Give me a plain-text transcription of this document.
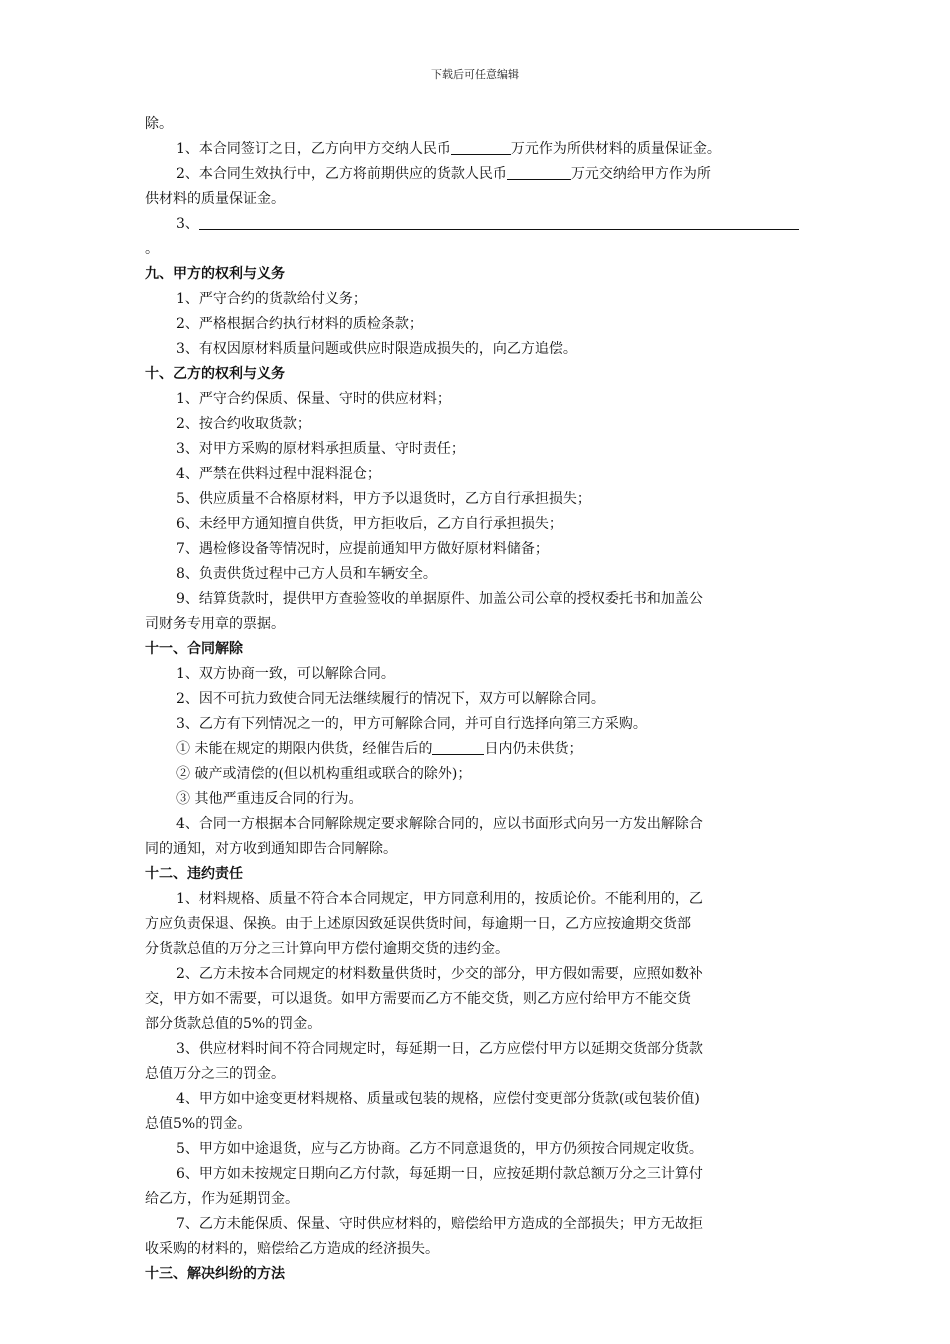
下载后可任意编辑
除。
1、本合同签订之日，乙方向甲方交纳人民币	万元作为所供材料的质量保证金。
2、本合同生效执行中，乙方将前期供应的货款人民币	万元交纳给甲方作为所
供材料的质量保证金。
3、
。
九、甲方的权利与义务
1、严守合约的货款给付义务；
2、严格根据合约执行材料的质检条款；
3、有权因原材料质量问题或供应时限造成损失的，向乙方追偿。
十、乙方的权利与义务
1、严守合约保质、保量、守时的供应材料；
2、按合约收取货款；
3、对甲方采购的原材料承担质量、守时责任；
4、严禁在供料过程中混料混仓；
5、供应质量不合格原材料，甲方予以退货时，乙方自行承担损失；
6、未经甲方通知擅自供货，甲方拒收后，乙方自行承担损失；
7、遇检修设备等情况时，应提前通知甲方做好原材料储备；
8、负责供货过程中己方人员和车辆安全。
9、结算货款时，提供甲方查验签收的单据原件、加盖公司公章的授权委托书和加盖公
司财务专用章的票据。
十一、合同解除
1、双方协商一致，可以解除合同。
2、因不可抗力致使合同无法继续履行的情况下，双方可以解除合同。
3、乙方有下列情况之一的，甲方可解除合同，并可自行选择向第三方采购。
① 未能在规定的期限内供货，经催告后的	日内仍未供货；
② 破产或清偿的(但以机构重组或联合的除外)；
③ 其他严重违反合同的行为。
4、合同一方根据本合同解除规定要求解除合同的，应以书面形式向另一方发出解除合
同的通知，对方收到通知即告合同解除。
十二、违约责任
1、材料规格、质量不符合本合同规定，甲方同意利用的，按质论价。不能利用的，乙
方应负责保退、保换。由于上述原因致延误供货时间，每逾期一日，乙方应按逾期交货部
分货款总值的万分之三计算向甲方偿付逾期交货的违约金。
2、乙方未按本合同规定的材料数量供货时，少交的部分，甲方假如需要，应照如数补
交，甲方如不需要，可以退货。如甲方需要而乙方不能交货，则乙方应付给甲方不能交货
部分货款总值的5%的罚金。
3、供应材料时间不符合同规定时，每延期一日，乙方应偿付甲方以延期交货部分货款
总值万分之三的罚金。
4、甲方如中途变更材料规格、质量或包装的规格，应偿付变更部分货款(或包装价值)
总值5%的罚金。
5、甲方如中途退货，应与乙方协商。乙方不同意退货的，甲方仍须按合同规定收货。
6、甲方如未按规定日期向乙方付款，每延期一日，应按延期付款总额万分之三计算付
给乙方，作为延期罚金。
7、乙方未能保质、保量、守时供应材料的，赔偿给甲方造成的全部损失；甲方无故拒
收采购的材料的，赔偿给乙方造成的经济损失。
十三、解决纠纷的方法
